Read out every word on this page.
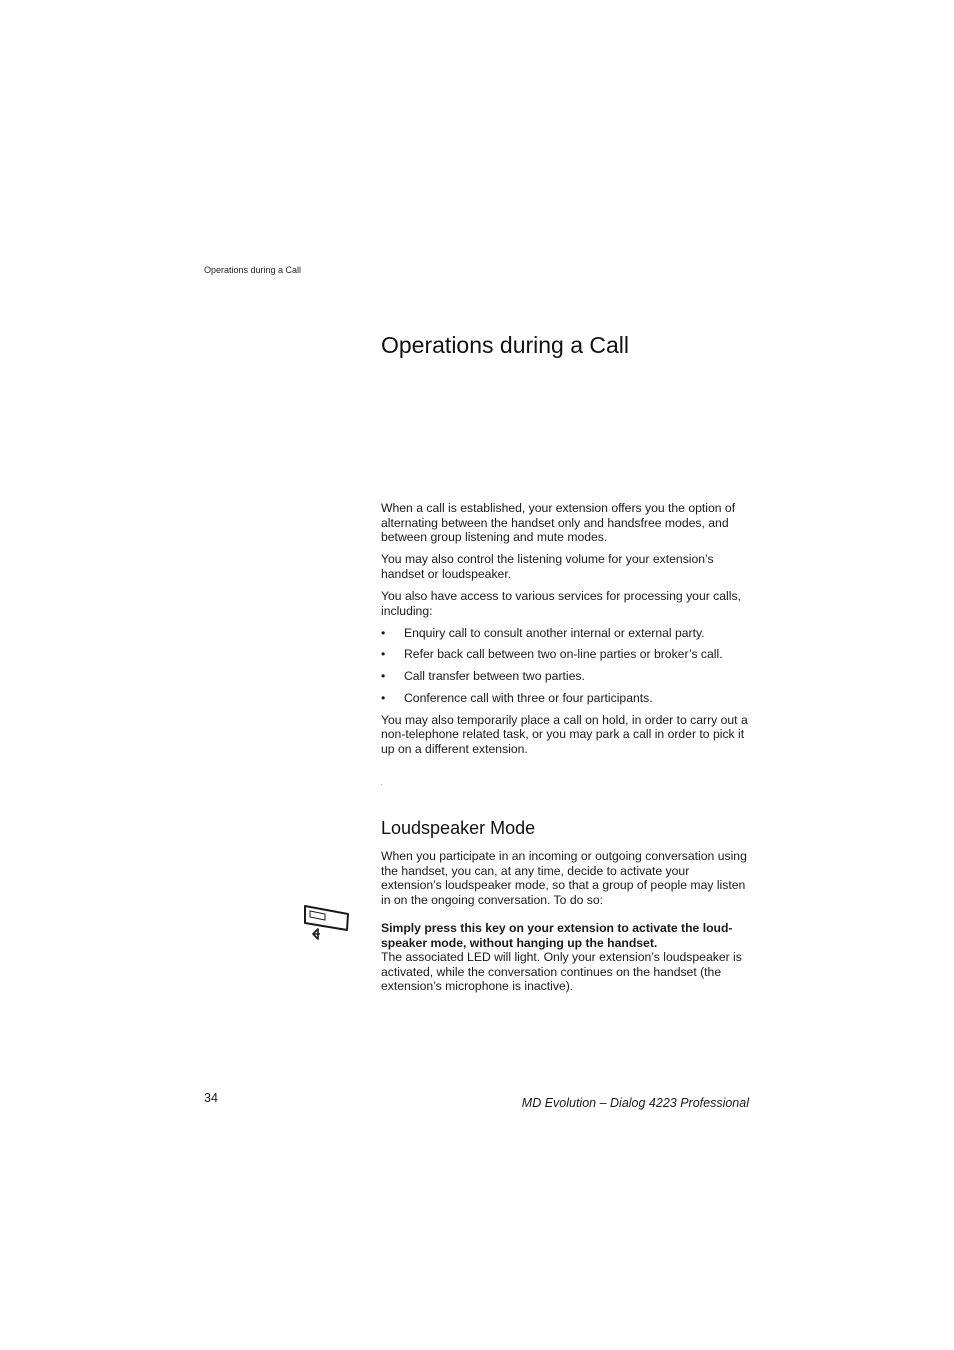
Operations during a Call
Operations during a Call

When a call is established, your extension offers you the option of alternating between the handset only and handsfree modes, and between group listening and mute modes.

You may also control the listening volume for your extension’s handset or loudspeaker.

You also have access to various services for processing your calls, including:

• Enquiry call to consult another internal or external party.
• Refer back call between two on-line parties or broker’s call.
• Call transfer between two parties.
• Conference call with three or four participants.

You may also temporarily place a call on hold, in order to carry out a non-telephone related task, or you may park a call in order to pick it up on a different extension.

Loudspeaker Mode

When you participate in an incoming or outgoing conversation using the handset, you can, at any time, decide to activate your extension’s loudspeaker mode, so that a group of people may listen in on the ongoing conversation. To do so:

Simply press this key on your extension to activate the loud-speaker mode, without hanging up the handset.

The associated LED will light. Only your extension’s loudspeaker is activated, while the conversation continues on the handset (the extension’s microphone is inactive).

34	MD Evolution – Dialog 4223 Professional
